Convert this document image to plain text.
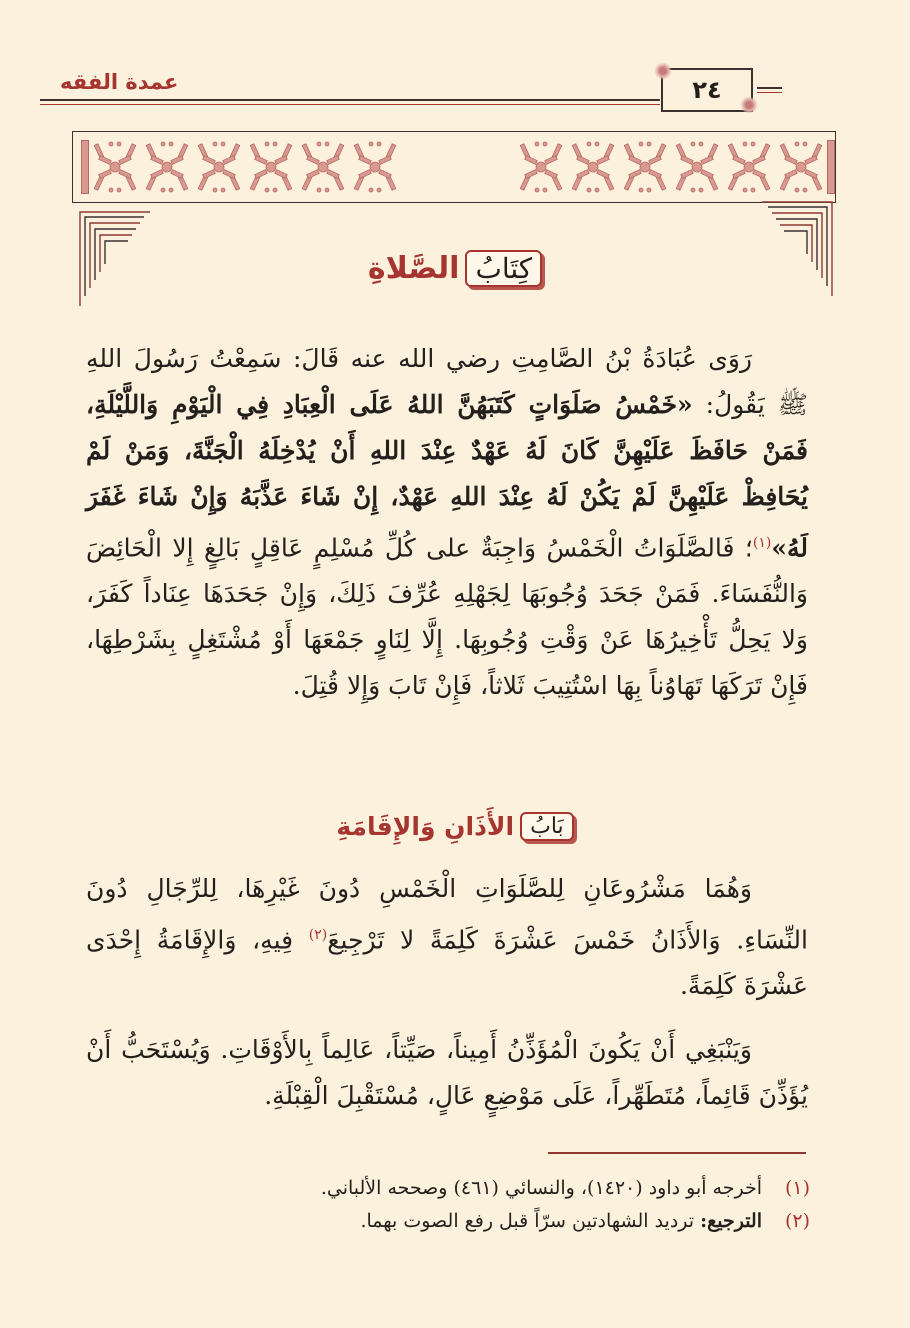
عمدة الفقه	٢٤
كِتَابُ
الصَّلاةِ

رَوَى عُبَادَةُ بْنُ الصَّامِتِ رضي الله عنه قَالَ: سَمِعْتُ رَسُولَ اللهِ ﷺ يَقُولُ: «خَمْسُ صَلَوَاتٍ كَتَبَهُنَّ اللهُ عَلَى الْعِبَادِ فِي الْيَوْمِ وَاللَّيْلَةِ، فَمَنْ حَافَظَ عَلَيْهِنَّ كَانَ لَهُ عَهْدٌ عِنْدَ اللهِ أَنْ يُدْخِلَهُ الْجَنَّةَ، وَمَنْ لَمْ يُحَافِظْ عَلَيْهِنَّ لَمْ يَكُنْ لَهُ عِنْدَ اللهِ عَهْدٌ، إِنْ شَاءَ عَذَّبَهُ وَإِنْ شَاءَ غَفَرَ لَهُ»$^{(١)}$؛ فَالصَّلَوَاتُ الْخَمْسُ وَاجِبَةٌ على كُلِّ مُسْلِمٍ عَاقِلٍ بَالِغٍ إِلا الْحَائِضَ وَالنُّفَسَاءَ. فَمَنْ جَحَدَ وُجُوبَهَا لِجَهْلِهِ عُرِّفَ ذَلِكَ، وَإِنْ جَحَدَهَا عِنَاداً كَفَرَ، وَلا يَحِلُّ تَأْخِيرُهَا عَنْ وَقْتِ وُجُوبِهَا. إِلَّا لِنَاوٍ جَمْعَهَا أَوْ مُشْتَغِلٍ بِشَرْطِهَا، فَإِنْ تَرَكَهَا تَهَاوُناً بِهَا اسْتُتِيبَ ثَلاثاً، فَإِنْ تَابَ وَإِلا قُتِلَ.

بَابُ
الأَذَانِ وَالإِقَامَةِ

وَهُمَا مَشْرُوعَانِ لِلصَّلَوَاتِ الْخَمْسِ دُونَ غَيْرِهَا، لِلرِّجَالِ دُونَ النِّسَاءِ. وَالأَذَانُ خَمْسَ عَشْرَةَ كَلِمَةً لا تَرْجِيعَ$^{(٢)}$ فِيهِ، وَالإِقَامَةُ إِحْدَى عَشْرَةَ كَلِمَةً.

وَيَنْبَغِي أَنْ يَكُونَ الْمُؤَذِّنُ أَمِيناً، صَيِّتاً، عَالِماً بِالأَوْقَاتِ. وَيُسْتَحَبُّ أَنْ يُؤَذِّنَ قَائِماً، مُتَطَهِّراً، عَلَى مَوْضِعٍ عَالٍ، مُسْتَقْبِلَ الْقِبْلَةِ.

(١)
أخرجه أبو داود (١٤٢٠)، والنسائي (٤٦١) وصححه الألباني.
(٢)
الترجيع: ترديد الشهادتين سرّاً قبل رفع الصوت بهما.
